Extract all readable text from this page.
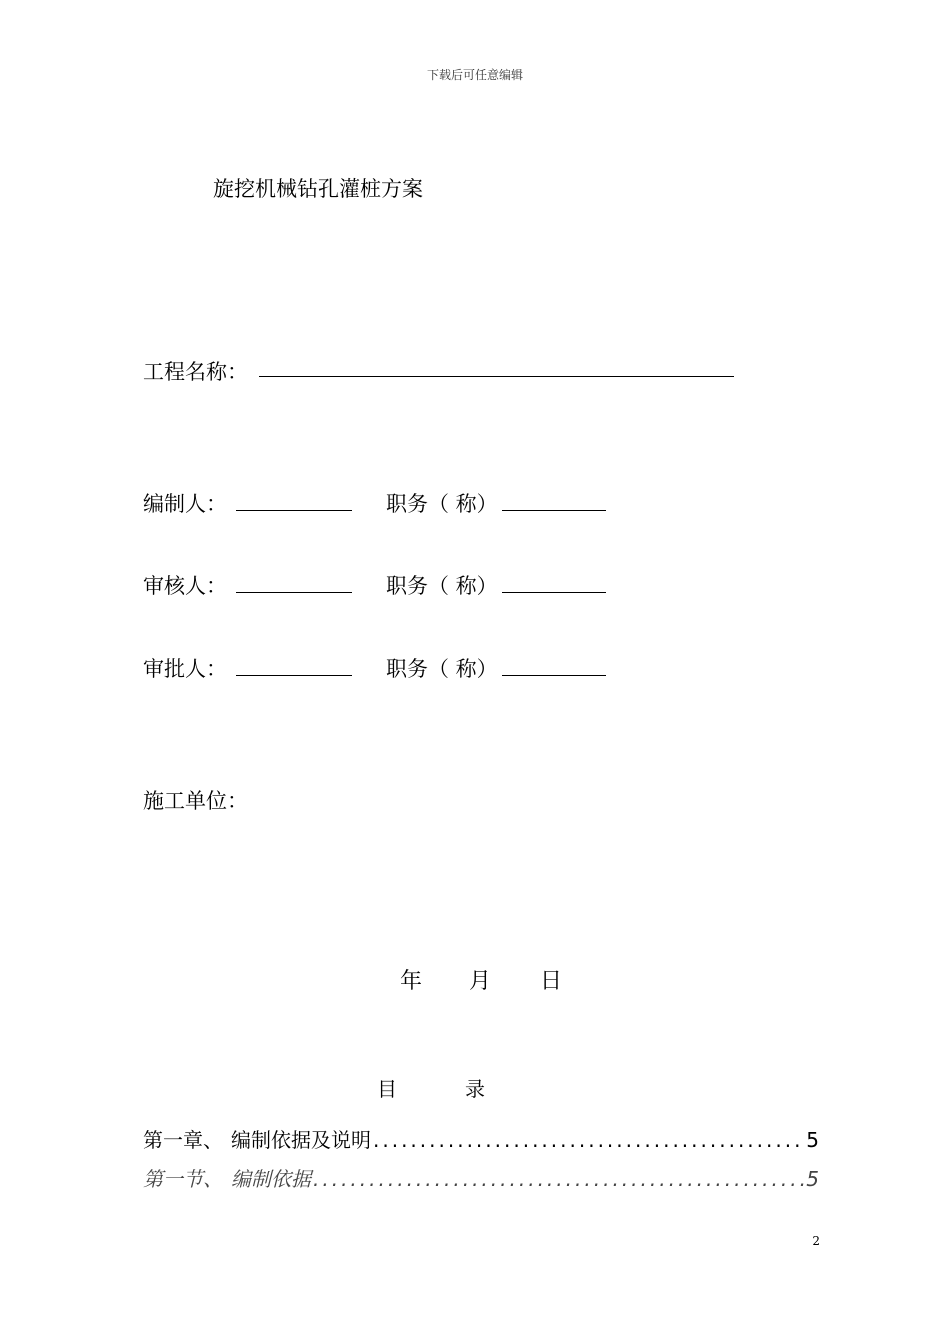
下载后可任意编辑
旋挖机械钻孔灌桩方案
工程名称：
编制人：	职务（ 称）
审核人：	职务（ 称）
审批人：	职务（ 称）
施工单位：
年 月 日
目	录
第一章、 编制依据及说明 .....	5
第一节、 编制依据 .....	5
2
